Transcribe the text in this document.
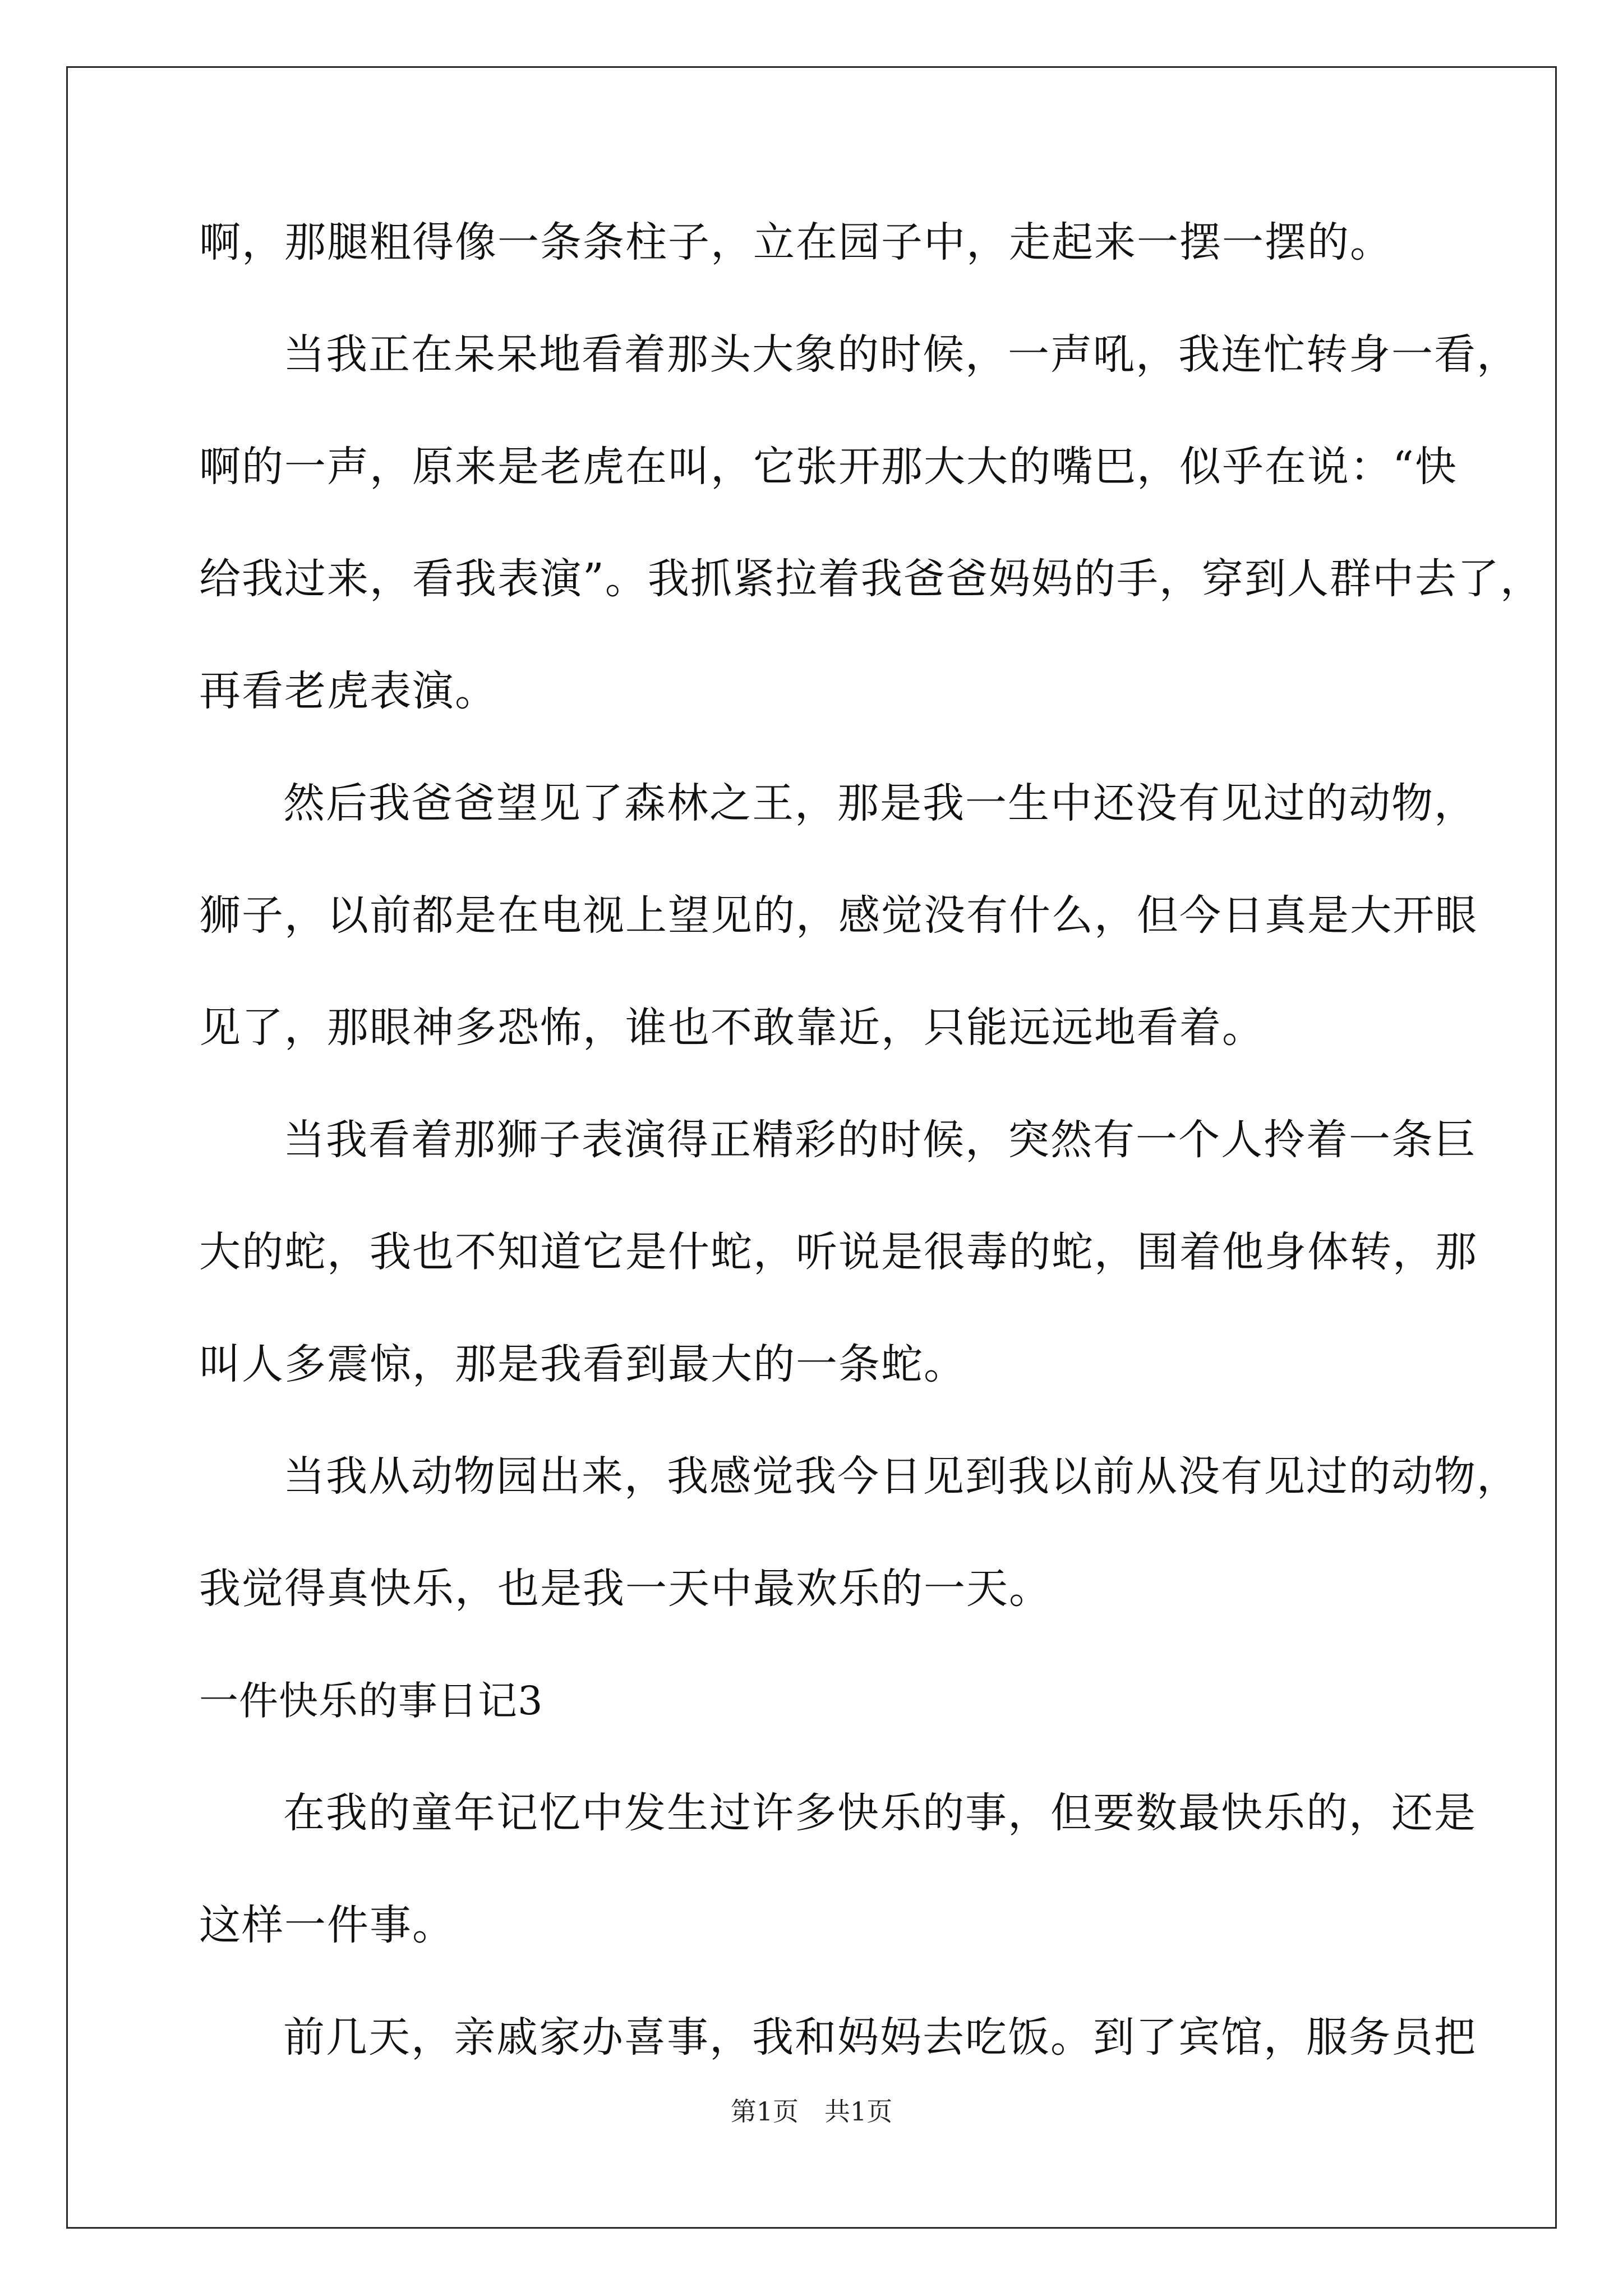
啊，那腿粗得像一条条柱子，立在园子中，走起来一摆一摆的。
当我正在呆呆地看着那头大象的时候，一声吼，我连忙转身一看，
啊的一声，原来是老虎在叫，它张开那大大的嘴巴，似乎在说：“快
给我过来，看我表演”。我抓紧拉着我爸爸妈妈的手，穿到人群中去了，
再看老虎表演。
然后我爸爸望见了森林之王，那是我一生中还没有见过的动物，
狮子，以前都是在电视上望见的，感觉没有什么，但今日真是大开眼
见了，那眼神多恐怖，谁也不敢靠近，只能远远地看着。
当我看着那狮子表演得正精彩的时候，突然有一个人拎着一条巨
大的蛇，我也不知道它是什蛇，听说是很毒的蛇，围着他身体转，那
叫人多震惊，那是我看到最大的一条蛇。
当我从动物园出来，我感觉我今日见到我以前从没有见过的动物，
我觉得真快乐，也是我一天中最欢乐的一天。
一件快乐的事日记3
在我的童年记忆中发生过许多快乐的事，但要数最快乐的，还是
这样一件事。
前几天，亲戚家办喜事，我和妈妈去吃饭。到了宾馆，服务员把
第1页 共1页
